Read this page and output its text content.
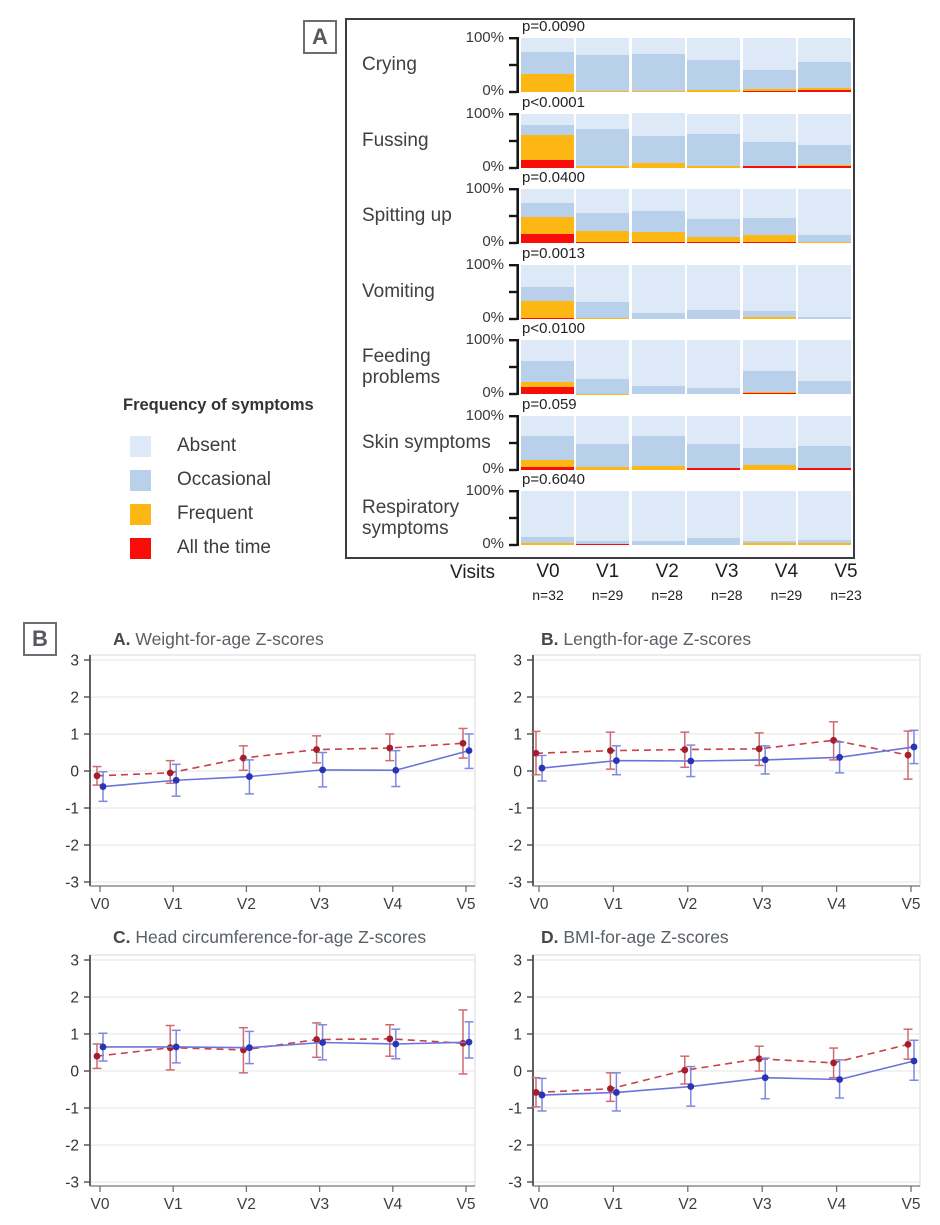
A
Crying
p=0.0090
100%
0%
Fussing
p<0.0001
100%
0%
Spitting up
p=0.0400
100%
0%
Vomiting
p=0.0013
100%
0%
Feeding problems
p<0.0100
100%
0%
Skin symptoms
p=0.059
100%
0%
Respiratory symptoms
p=0.6040
100%
0%
Frequency of symptoms
Absent
Occasional
Frequent
All the time
Visits	V0
n=32
V1
n=29
V2
n=28
V3
n=28
V4
n=29
V5
n=23
B	A. Weight-for-age Z-scores
3
2
1
0
-1
-2
-3
V0	V1	V2	V3	V4	V5
B. Length-for-age Z-scores
3
2
1
0
-1
-2
-3
V0	V1	V2	V3	V4	V5
C. Head circumference-for-age Z-scores
3
2
1
0
-1
-2
-3
V0	V1	V2	V3	V4	V5
D. BMI-for-age Z-scores
3
2
1
0
-1
-2
-3
V0	V1	V2	V3	V4	V5
